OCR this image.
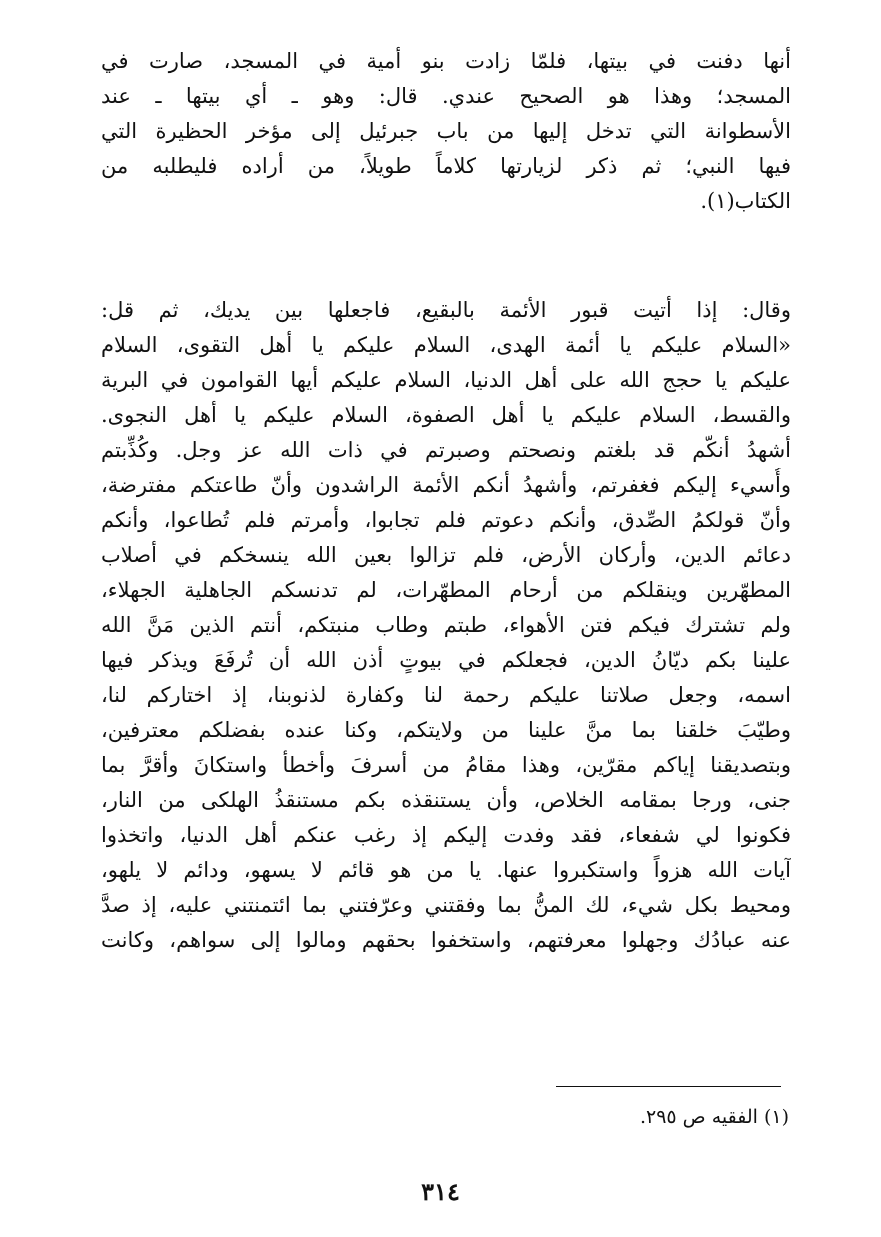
أنها دفنت في بيتها، فلمّا زادت بنو أمية في المسجد، صارت في
المسجد؛ وهذا هو الصحيح عندي. قال: وهو ـ أي بيتها ـ عند
الأسطوانة التي تدخل إليها من باب جبرئيل إلى مؤخر الحظيرة التي
فيها النبي؛ ثم ذكر لزيارتها كلاماً طويلاً، من أراده فليطلبه من
الكتاب(١).
وقال: إذا أتيت قبور الأئمة بالبقيع، فاجعلها بين يديك، ثم قل:
«السلام عليكم يا أئمة الهدى، السلام عليكم يا أهل التقوى، السلام
عليكم يا حجج الله على أهل الدنيا، السلام عليكم أيها القوامون في البرية
والقسط، السلام عليكم يا أهل الصفوة، السلام عليكم يا أهل النجوى.
أشهدُ أنكّم قد بلغتم ونصحتم وصبرتم في ذات الله عز وجل. وكُذِّبتم
وأُسيء إليكم فغفرتم، وأشهدُ أنكم الأئمة الراشدون وأنّ طاعتكم مفترضة،
وأنّ قولكمُ الصِّدق، وأنكم دعوتم فلم تجابوا، وأمرتم فلم تُطاعوا، وأنكم
دعائم الدين، وأركان الأرض، فلم تزالوا بعين الله ينسخكم في أصلاب
المطهّرين وينقلكم من أرحام المطهّرات، لم تدنسكم الجاهلية الجهلاء،
ولم تشترك فيكم فتن الأهواء، طبتم وطاب منبتكم، أنتم الذين مَنَّ الله
علينا بكم ديّانُ الدين، فجعلكم في بيوتٍ أذن الله أن تُرفَعَ ويذكر فيها
اسمه، وجعل صلاتنا عليكم رحمة لنا وكفارة لذنوبنا، إذ اختاركم لنا،
وطيّبَ خلقنا بما منَّ علينا من ولايتكم، وكنا عنده بفضلكم معترفين،
وبتصديقنا إياكم مقرّين، وهذا مقامُ من أسرفَ وأخطأ واستكانَ وأقرَّ بما
جنى، ورجا بمقامه الخلاص، وأن يستنقذه بكم مستنقذُ الهلكى من النار،
فكونوا لي شفعاء، فقد وفدت إليكم إذ رغب عنكم أهل الدنيا، واتخذوا
آيات الله هزواً واستكبروا عنها. يا من هو قائم لا يسهو، ودائم لا يلهو،
ومحيط بكل شيء، لك المنُّ بما وفقتني وعرّفتني بما ائتمنتني عليه، إذ صدَّ
عنه عبادُك وجهلوا معرفتهم، واستخفوا بحقهم ومالوا إلى سواهم، وكانت
(١) الفقيه ص ٢٩٥.
٣١٤
